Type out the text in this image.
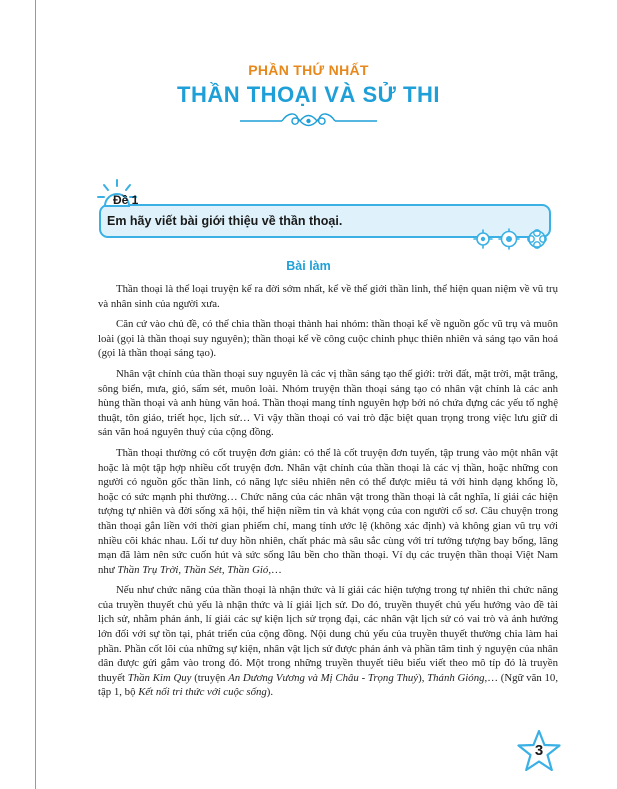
PHẦN THỨ NHẤT
THẦN THOẠI VÀ SỬ THI
Đề 1
Em hãy viết bài giới thiệu về thần thoại.
Bài làm

Thần thoại là thể loại truyện kể ra đời sớm nhất, kể về thế giới thần linh, thể hiện quan niệm về vũ trụ và nhân sinh của người xưa.

Căn cứ vào chủ đề, có thể chia thần thoại thành hai nhóm: thần thoại kể về nguồn gốc vũ trụ và muôn loài (gọi là thần thoại suy nguyên); thần thoại kể về công cuộc chinh phục thiên nhiên và sáng tạo văn hoá (gọi là thần thoại sáng tạo).

Nhân vật chính của thần thoại suy nguyên là các vị thần sáng tạo thế giới: trời đất, mặt trời, mặt trăng, sông biển, mưa, gió, sấm sét, muôn loài. Nhóm truyện thần thoại sáng tạo có nhân vật chính là các anh hùng thần thoại và anh hùng văn hoá. Thần thoại mang tính nguyên hợp bởi nó chứa đựng các yếu tố nghệ thuật, tôn giáo, triết học, lịch sử… Vì vậy thần thoại có vai trò đặc biệt quan trọng trong việc lưu giữ di sản văn hoá nguyên thuỷ của cộng đồng.

Thần thoại thường có cốt truyện đơn giản: có thể là cốt truyện đơn tuyến, tập trung vào một nhân vật hoặc là một tập hợp nhiều cốt truyện đơn. Nhân vật chính của thần thoại là các vị thần, hoặc những con người có nguồn gốc thần linh, có năng lực siêu nhiên nên có thể được miêu tả với hình dạng khổng lồ, hoặc có sức mạnh phi thường… Chức năng của các nhân vật trong thần thoại là cắt nghĩa, lí giải các hiện tượng tự nhiên và đời sống xã hội, thể hiện niềm tin và khát vọng của con người cổ sơ. Câu chuyện trong thần thoại gắn liền với thời gian phiếm chỉ, mang tính ước lệ (không xác định) và không gian vũ trụ với nhiều cõi khác nhau. Lối tư duy hồn nhiên, chất phác mà sâu sắc cùng với trí tưởng tượng bay bổng, lãng mạn đã làm nên sức cuốn hút và sức sống lâu bền cho thần thoại. Ví dụ các truyện thần thoại Việt Nam như Thần Trụ Trời, Thần Sét, Thần Gió,…

Nếu như chức năng của thần thoại là nhận thức và lí giải các hiện tượng trong tự nhiên thì chức năng của truyền thuyết chủ yếu là nhận thức và lí giải lịch sử. Do đó, truyền thuyết chủ yếu hướng vào đề tài lịch sử, nhằm phản ánh, lí giải các sự kiện lịch sử trọng đại, các nhân vật lịch sử có vai trò và ảnh hưởng lớn đối với sự tồn tại, phát triển của cộng đồng. Nội dung chủ yếu của truyền thuyết thường chia làm hai phần. Phần cốt lõi của những sự kiện, nhân vật lịch sử được phản ánh và phần tâm tình ý nguyện của nhân dân được gửi gắm vào trong đó. Một trong những truyền thuyết tiêu biểu viết theo mô típ đó là truyền thuyết Thần Kim Quy (truyện An Dương Vương và Mị Châu - Trọng Thuỷ), Thánh Gióng,… (Ngữ văn 10, tập 1, bộ Kết nối tri thức với cuộc sống).

3
